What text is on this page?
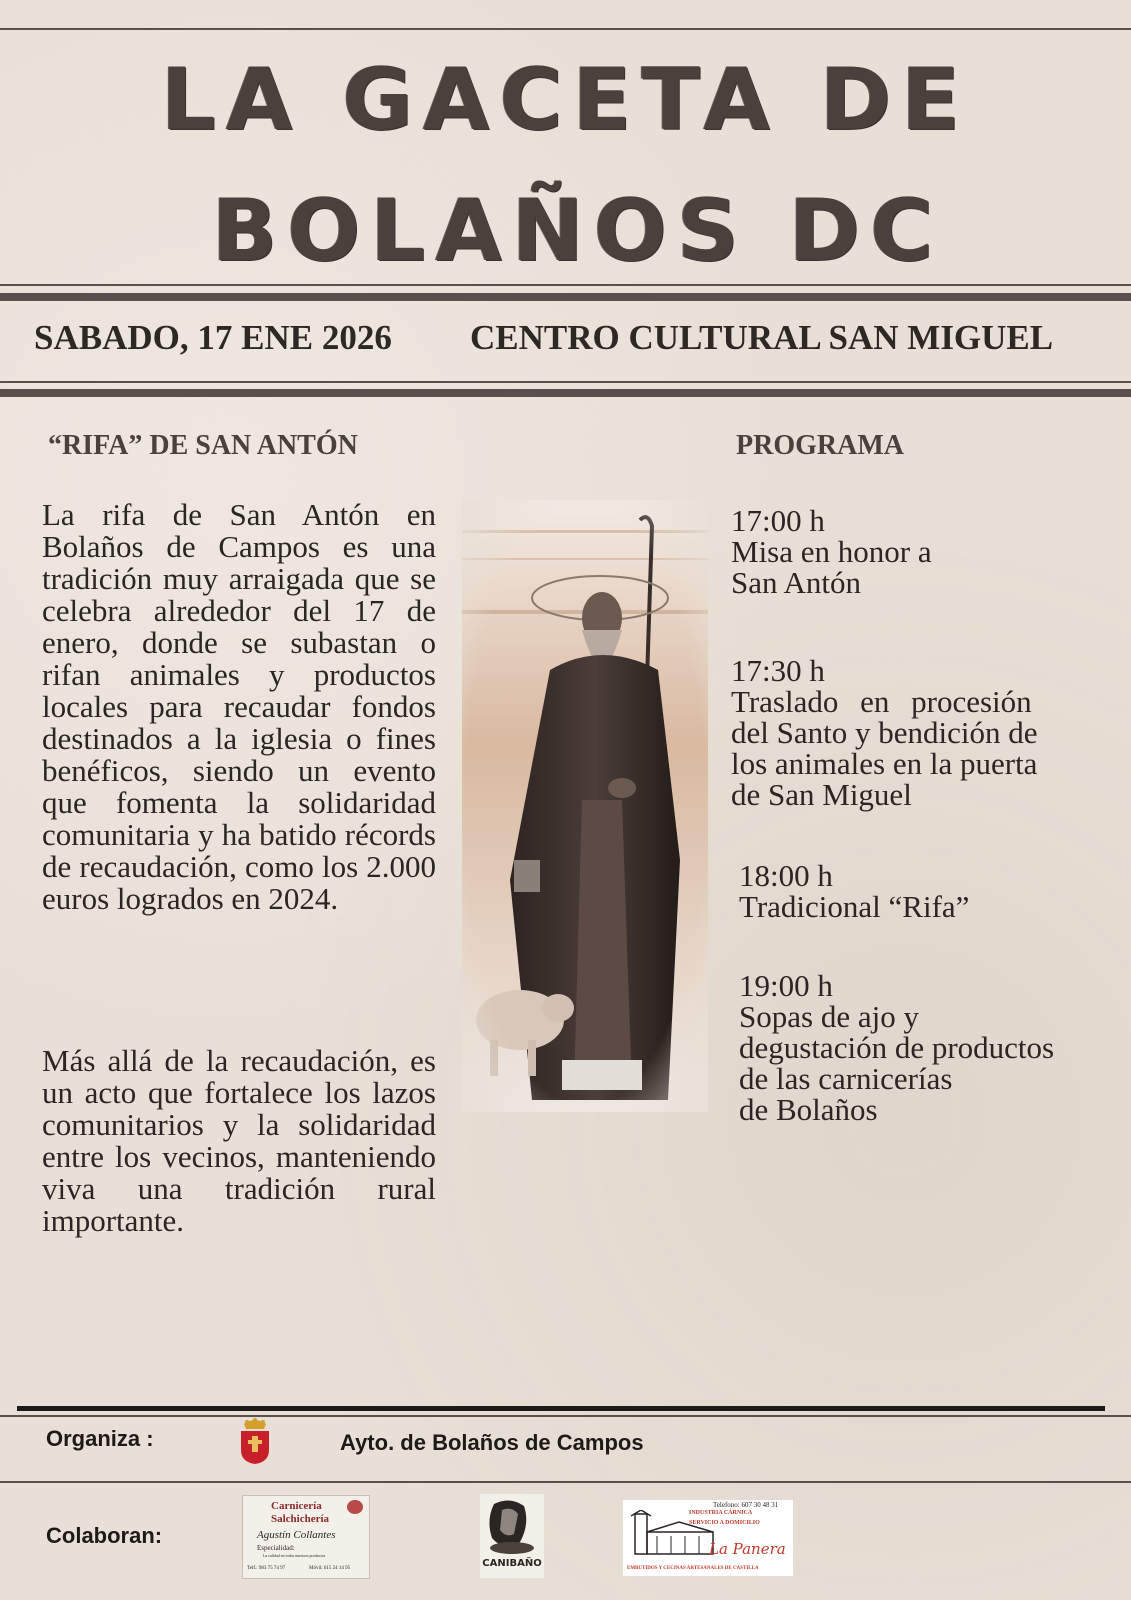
LA GACETA DE
BOLAÑOS DC
SABADO, 17 ENE 2026 CENTRO CULTURAL SAN MIGUEL
“RIFA” DE SAN ANTÓN

La rifa de San Antón en Bolaños de Campos es una tradición muy arraigada que se celebra alrededor del 17 de enero, donde se subastan o rifan animales y productos locales para recaudar fondos destinados a la iglesia o fines benéficos, siendo un evento que fomenta la solidaridad comunitaria y ha batido récords de recaudación, como los 2.000 euros logrados en 2024.

Más allá de la recaudación, es un acto que fortalece los lazos comunitarios y la solidaridad entre los vecinos, manteniendo viva una tradición rural importante.

PROGRAMA
17:00 h
Misa en honor a
San Antón
17:30 h
Traslado en procesión
del Santo y bendición de
los animales en la puerta
de San Miguel
18:00 h
Tradicional “Rifa”
19:00 h
Sopas de ajo y
degustación de productos
de las carnicerías
de Bolaños
Organiza :	Ayto. de Bolaños de Campos
Colaboran:
Carnicería
Salchichería
Agustín Collantes
Especialidad:
La calidad en todos nuestros productos
Telf.: 983 75 74 97	Móvil: 615 24 14 95	CANIBAÑO
Telefono: 607 30 48 31
INDUSTRIA CÁRNICA
SERVICIO A DOMICILIO
La Panera
EMBUTIDOS Y CECINAS ARTESANALES DE CASTILLA
